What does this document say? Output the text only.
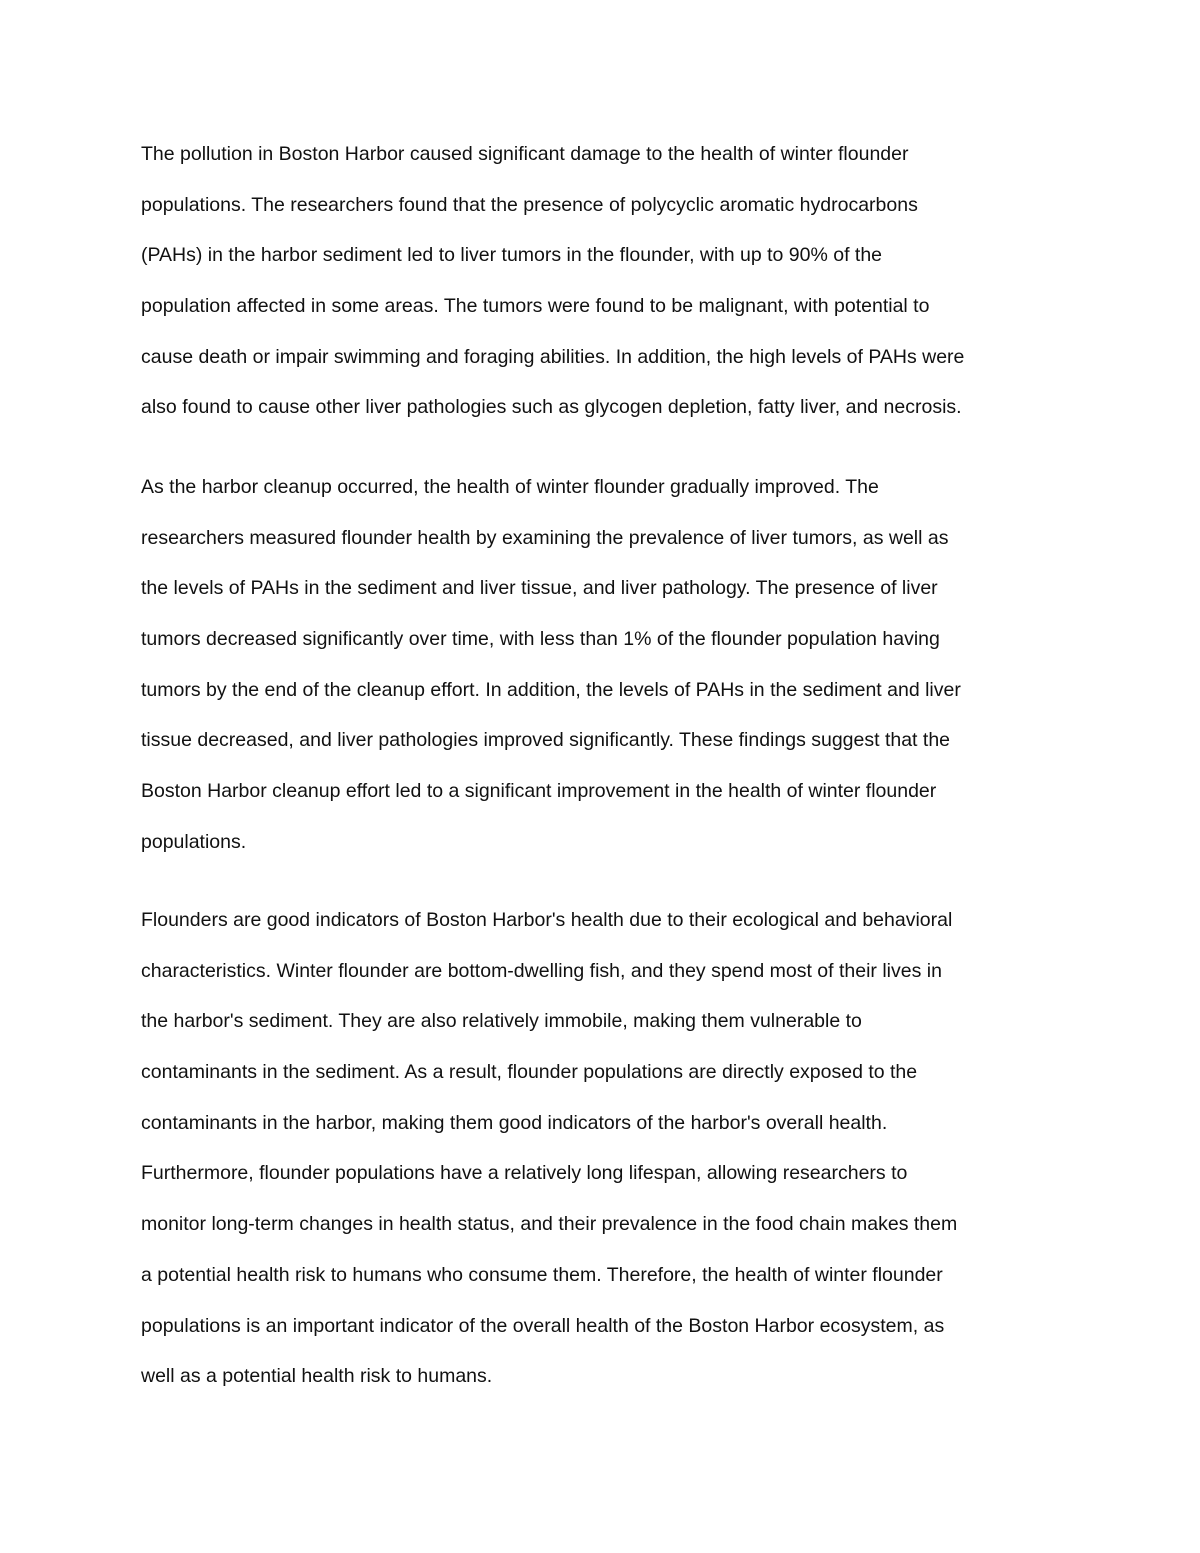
The pollution in Boston Harbor caused significant damage to the health of winter flounder
populations. The researchers found that the presence of polycyclic aromatic hydrocarbons
(PAHs) in the harbor sediment led to liver tumors in the flounder, with up to 90% of the
population affected in some areas. The tumors were found to be malignant, with potential to
cause death or impair swimming and foraging abilities. In addition, the high levels of PAHs were
also found to cause other liver pathologies such as glycogen depletion, fatty liver, and necrosis.

As the harbor cleanup occurred, the health of winter flounder gradually improved. The
researchers measured flounder health by examining the prevalence of liver tumors, as well as
the levels of PAHs in the sediment and liver tissue, and liver pathology. The presence of liver
tumors decreased significantly over time, with less than 1% of the flounder population having
tumors by the end of the cleanup effort. In addition, the levels of PAHs in the sediment and liver
tissue decreased, and liver pathologies improved significantly. These findings suggest that the
Boston Harbor cleanup effort led to a significant improvement in the health of winter flounder
populations.

Flounders are good indicators of Boston Harbor's health due to their ecological and behavioral
characteristics. Winter flounder are bottom-dwelling fish, and they spend most of their lives in
the harbor's sediment. They are also relatively immobile, making them vulnerable to
contaminants in the sediment. As a result, flounder populations are directly exposed to the
contaminants in the harbor, making them good indicators of the harbor's overall health.
Furthermore, flounder populations have a relatively long lifespan, allowing researchers to
monitor long-term changes in health status, and their prevalence in the food chain makes them
a potential health risk to humans who consume them. Therefore, the health of winter flounder
populations is an important indicator of the overall health of the Boston Harbor ecosystem, as
well as a potential health risk to humans.
